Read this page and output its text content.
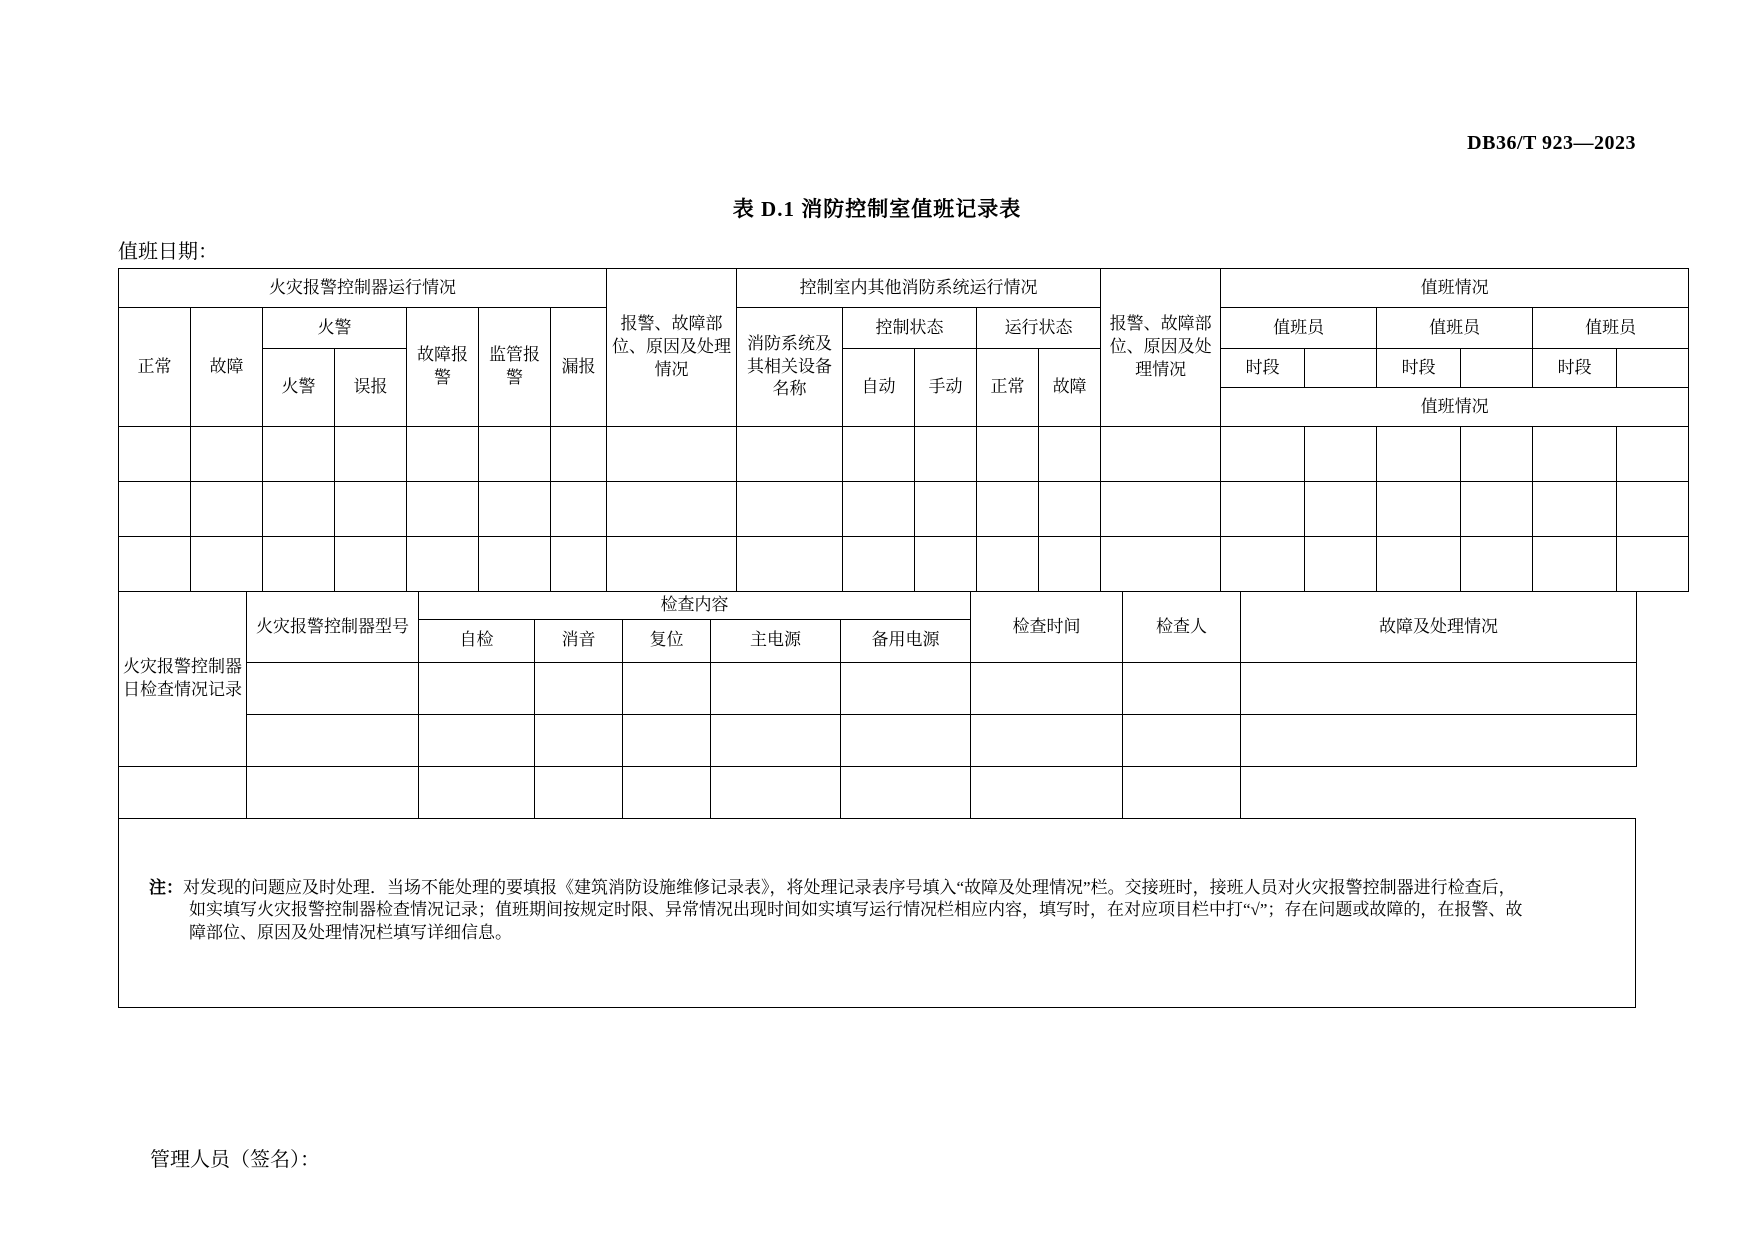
DB36/T 923—2023
表 D.1 消防控制室值班记录表
值班日期：
火灾报警控制器运行情况							报警、故障部位、原因及处理情况	控制室内其他消防系统运行情况					报警、故障部位、原因及处理情况	值班情况					
正常	故障	火警		故障报警	监管报警	漏报		消防系统及其相关设备名称	控制状态		运行状态			值班员		值班员		值班员	
		火警	误报						自动	手动	正常	故障		时段		时段		时段	
														值班情况					

火灾报警控制器日检查情况记录	火灾报警控制器型号	检查内容					检查时间	检查人	故障及处理情况
		自检	消音	复位	主电源	备用电源			

注：对发现的问题应及时处理．当场不能处理的要填报《建筑消防设施维修记录表》，将处理记录表序号填入“故障及处理情况”栏。交接班时，接班人员对火灾报警控制器进行检查后，
如实填写火灾报警控制器检查情况记录；值班期间按规定时限、异常情况出现时间如实填写运行情况栏相应内容，填写时，在对应项目栏中打“√”；存在问题或故障的，在报警、故
障部位、原因及处理情况栏填写详细信息。
管理人员（签名）：
